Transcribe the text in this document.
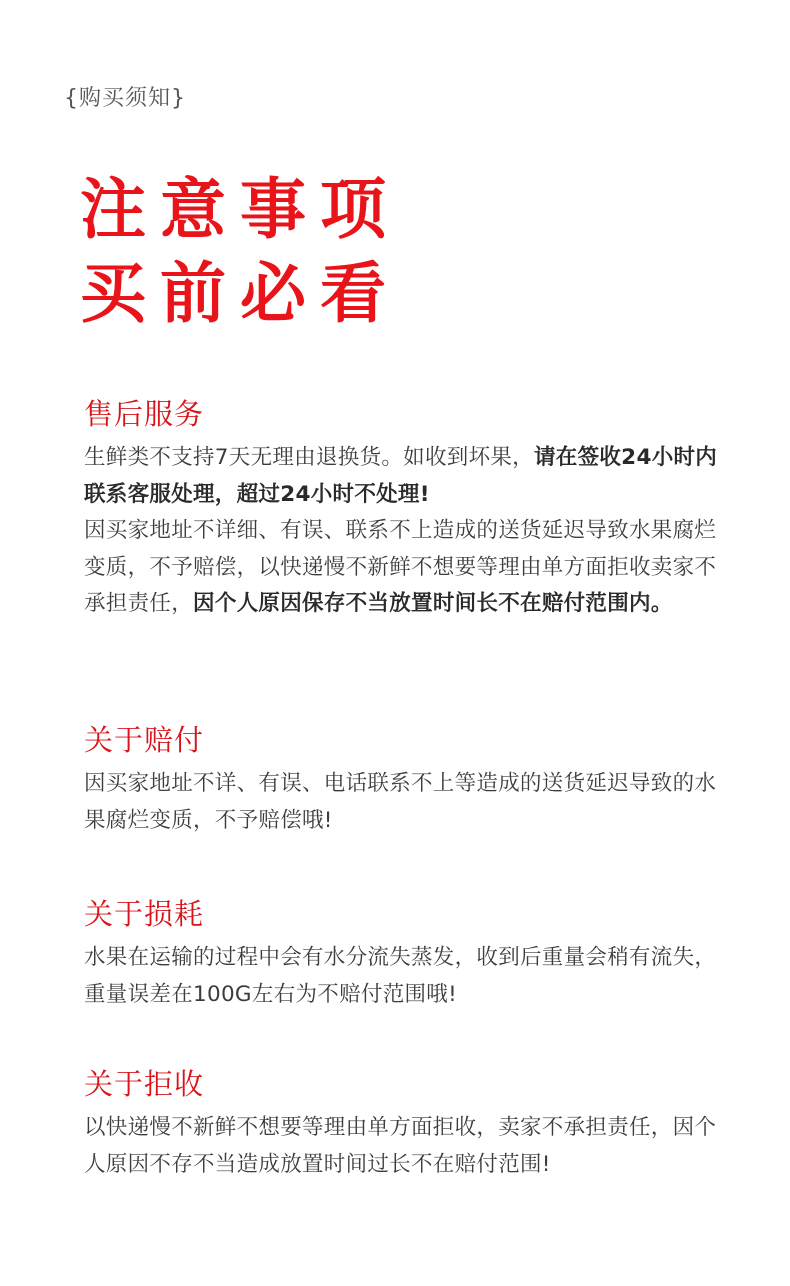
{购买须知}
注意事项
买前必看
售后服务
生鲜类不支持7天无理由退换货。如收到坏果，请在签收24小时内联系客服处理，超过24小时不处理!
因买家地址不详细、有误、联系不上造成的送货延迟导致水果腐烂变质，不予赔偿，以快递慢不新鲜不想要等理由单方面拒收卖家不承担责任，因个人原因保存不当放置时间长不在赔付范围内。
关于赔付
因买家地址不详、有误、电话联系不上等造成的送货延迟导致的水果腐烂变质，不予赔偿哦!
关于损耗
水果在运输的过程中会有水分流失蒸发，收到后重量会稍有流失，重量误差在100G左右为不赔付范围哦!
关于拒收
以快递慢不新鲜不想要等理由单方面拒收，卖家不承担责任，因个人原因不存不当造成放置时间过长不在赔付范围!
